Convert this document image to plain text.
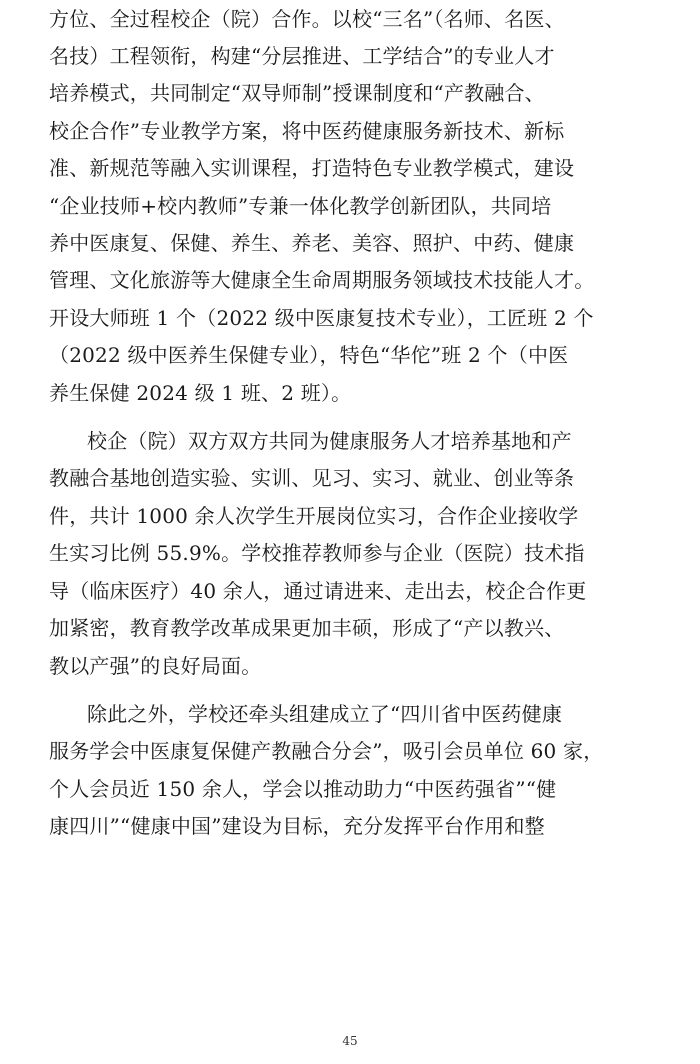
方位、全过程校企（院）合作。以校“三名”（名师、名医、
名技）工程领衔，构建“分层推进、工学结合”的专业人才
培养模式，共同制定“双导师制”授课制度和“产教融合、
校企合作”专业教学方案，将中医药健康服务新技术、新标
准、新规范等融入实训课程，打造特色专业教学模式，建设
“企业技师+校内教师”专兼一体化教学创新团队，共同培
养中医康复、保健、养生、养老、美容、照护、中药、健康
管理、文化旅游等大健康全生命周期服务领域技术技能人才。
开设大师班 1 个（2022 级中医康复技术专业），工匠班 2 个
（2022 级中医养生保健专业），特色“华佗”班 2 个（中医
养生保健 2024 级 1 班、2 班）。
校企（院）双方双方共同为健康服务人才培养基地和产
教融合基地创造实验、实训、见习、实习、就业、创业等条
件，共计 1000 余人次学生开展岗位实习，合作企业接收学
生实习比例 55.9%。学校推荐教师参与企业（医院）技术指
导（临床医疗）40 余人，通过请进来、走出去，校企合作更
加紧密，教育教学改革成果更加丰硕，形成了“产以教兴、
教以产强”的良好局面。
除此之外，学校还牵头组建成立了“四川省中医药健康
服务学会中医康复保健产教融合分会”，吸引会员单位 60 家，
个人会员近 150 余人，学会以推动助力“中医药强省”“健
康四川”“健康中国”建设为目标，充分发挥平台作用和整
45
